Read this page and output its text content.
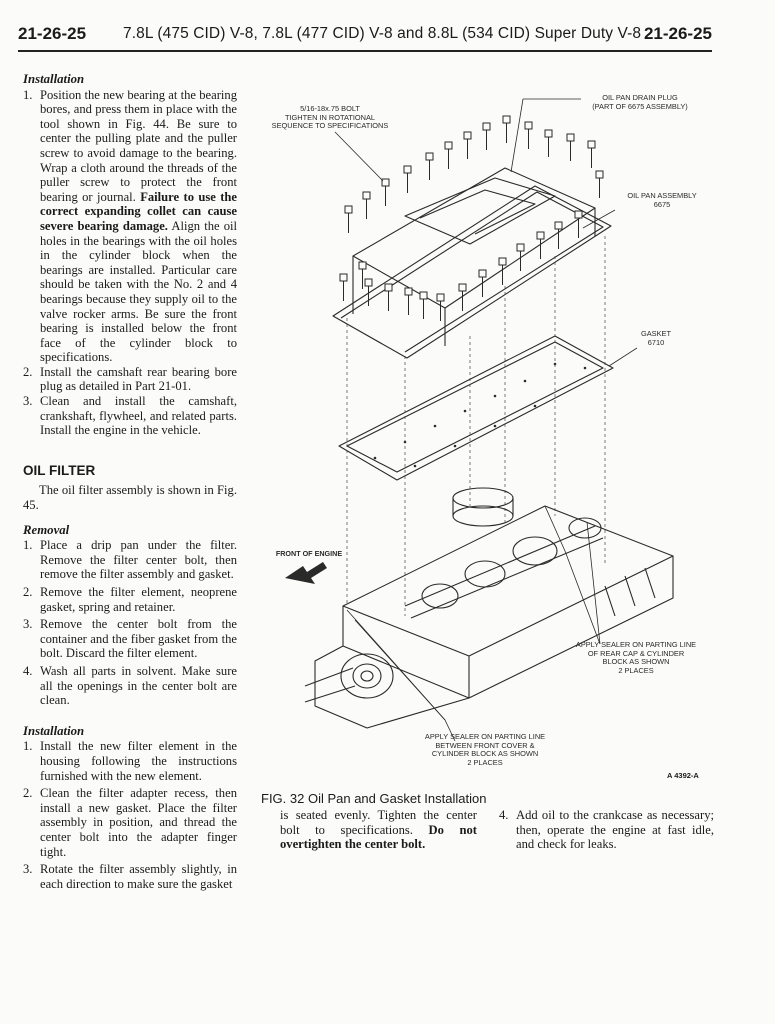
21-26-25 7.8L (475 CID) V-8, 7.8L (477 CID) V-8 and 8.8L (534 CID) Super Duty V-8 21-26-25
Installation
1. Position the new bearing at the bearing bores, and press them in place with the tool shown in Fig. 44. Be sure to center the pulling plate and the puller screw to avoid damage to the bearing. Wrap a cloth around the threads of the puller screw to protect the front bearing or journal. Failure to use the correct expanding collet can cause severe bearing damage. Align the oil holes in the bearings with the oil holes in the cylinder block when the bearings are installed. Particular care should be taken with the No. 2 and 4 bearings because they supply oil to the valve rocker arms. Be sure the front bearing is installed below the front face of the cylinder block to specifications.
2. Install the camshaft rear bearing bore plug as detailed in Part 21-01.
3. Clean and install the camshaft, crankshaft, flywheel, and related parts. Install the engine in the vehicle.
OIL FILTER

The oil filter assembly is shown in Fig. 45.

Removal
1. Place a drip pan under the filter. Remove the filter center bolt, then remove the filter assembly and gasket.
2. Remove the filter element, neoprene gasket, spring and retainer.
3. Remove the center bolt from the container and the fiber gasket from the bolt. Discard the filter element.
4. Wash all parts in solvent. Make sure all the openings in the center bolt are clean.
Installation
1. Install the new filter element in the housing following the instructions furnished with the new element.
2. Clean the filter adapter recess, then install a new gasket. Place the filter assembly in position, and thread the center bolt into the adapter finger tight.
3. Rotate the filter assembly slightly, in each direction to make sure the gasket
5/16-18x.75 BOLT
TIGHTEN IN ROTATIONAL
SEQUENCE TO SPECIFICATIONS
OIL PAN DRAIN PLUG
(PART OF 6675 ASSEMBLY)
OIL PAN ASSEMBLY
6675
GASKET
6710
FRONT OF ENGINE
APPLY SEALER ON PARTING LINE
OF REAR CAP & CYLINDER
BLOCK AS SHOWN
2 PLACES
APPLY SEALER ON PARTING LINE
BETWEEN FRONT COVER &
CYLINDER BLOCK AS SHOWN
2 PLACES
A 4392-A
FIG. 32 Oil Pan and Gasket Installation

is seated evenly. Tighten the center bolt to specifications. Do not overtighten the center bolt.

4. Add oil to the crankcase as necessary; then, operate the engine at fast idle, and check for leaks.
